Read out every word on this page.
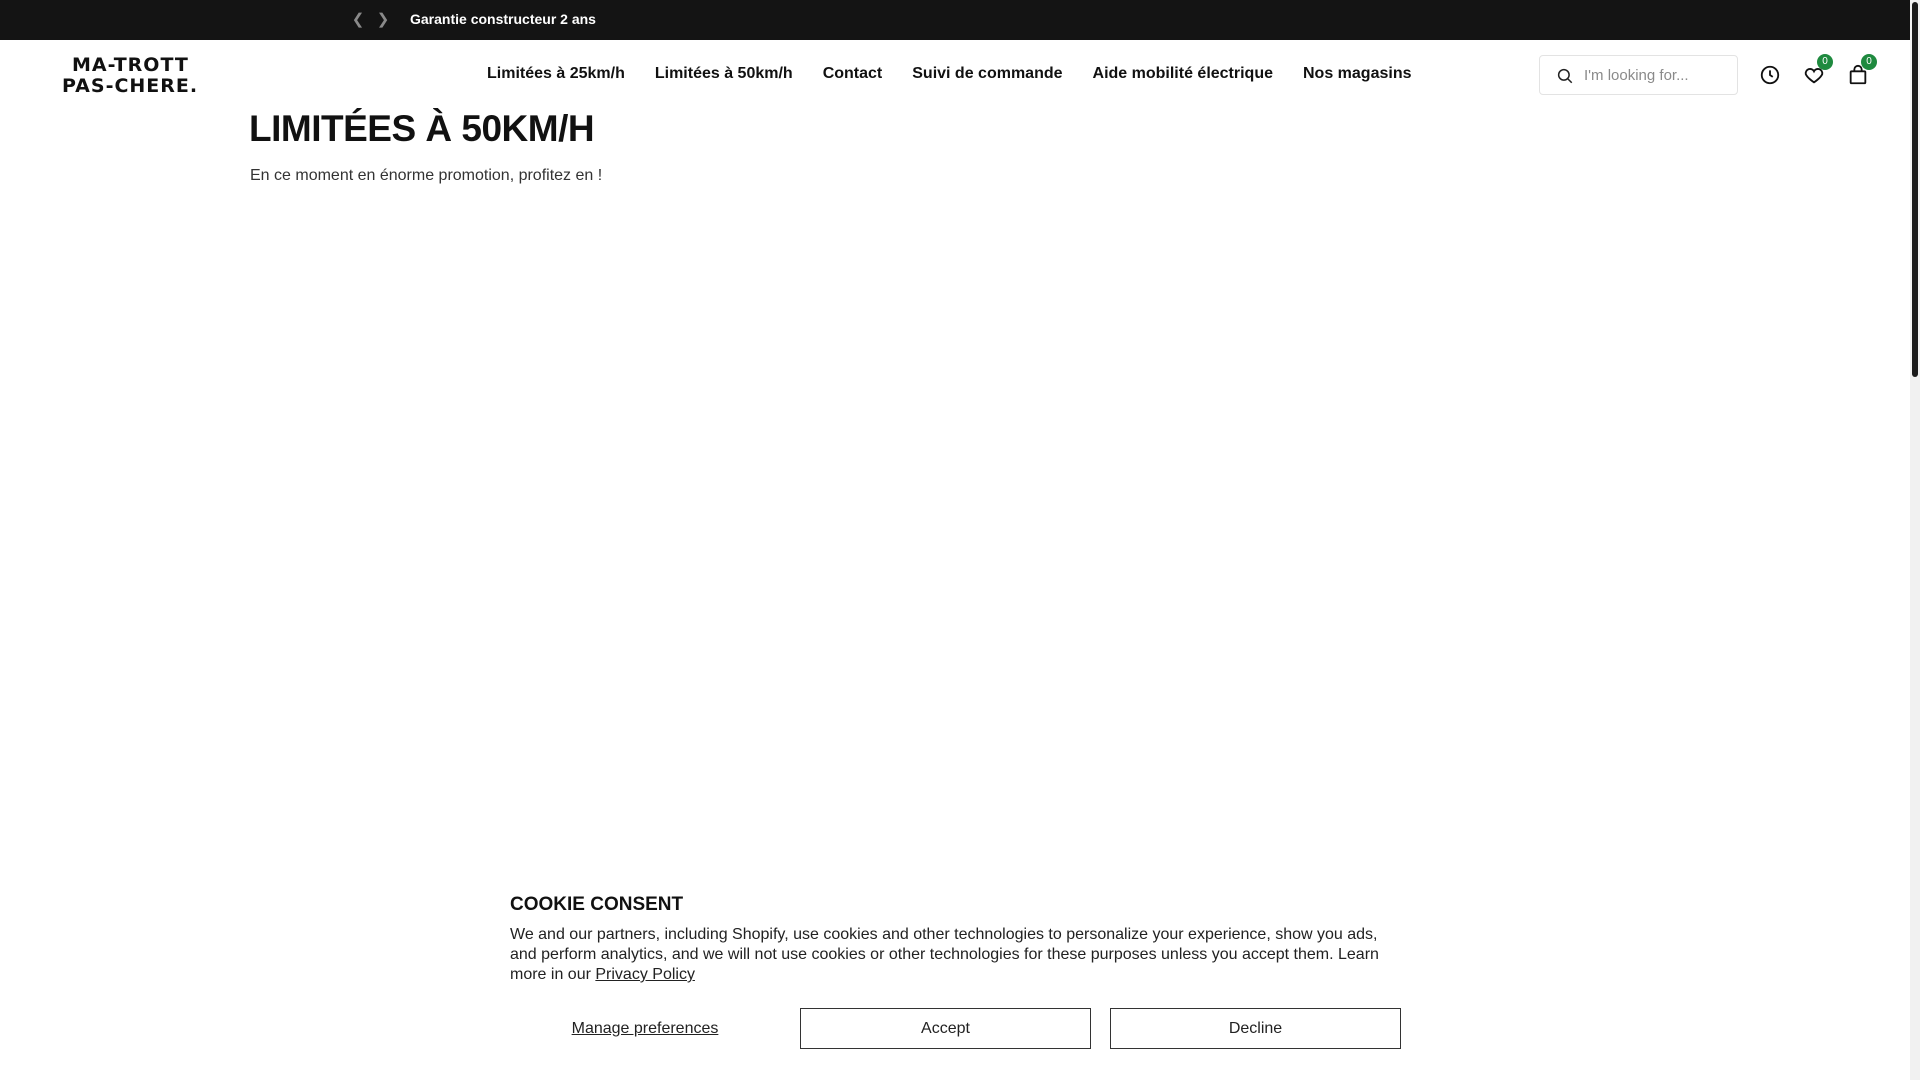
❮ ❯ Garantie constructeur 2 ans
MA-TROTT
PAS-CHERE.
Limitées à 25km/h Limitées à 50km/h Contact Suivi de commande Aide mobilité électrique Nos magasins
I'm looking for...
0	0
LIMITÉES À 50KM/H
En ce moment en énorme promotion, profitez en !
COOKIE CONSENT

We and our partners, including Shopify, use cookies and other technologies to personalize your experience, show you ads, and perform analytics, and we will not use cookies or other technologies for these purposes unless you accept them. Learn more in our Privacy Policy

Manage preferences	Accept	Decline
